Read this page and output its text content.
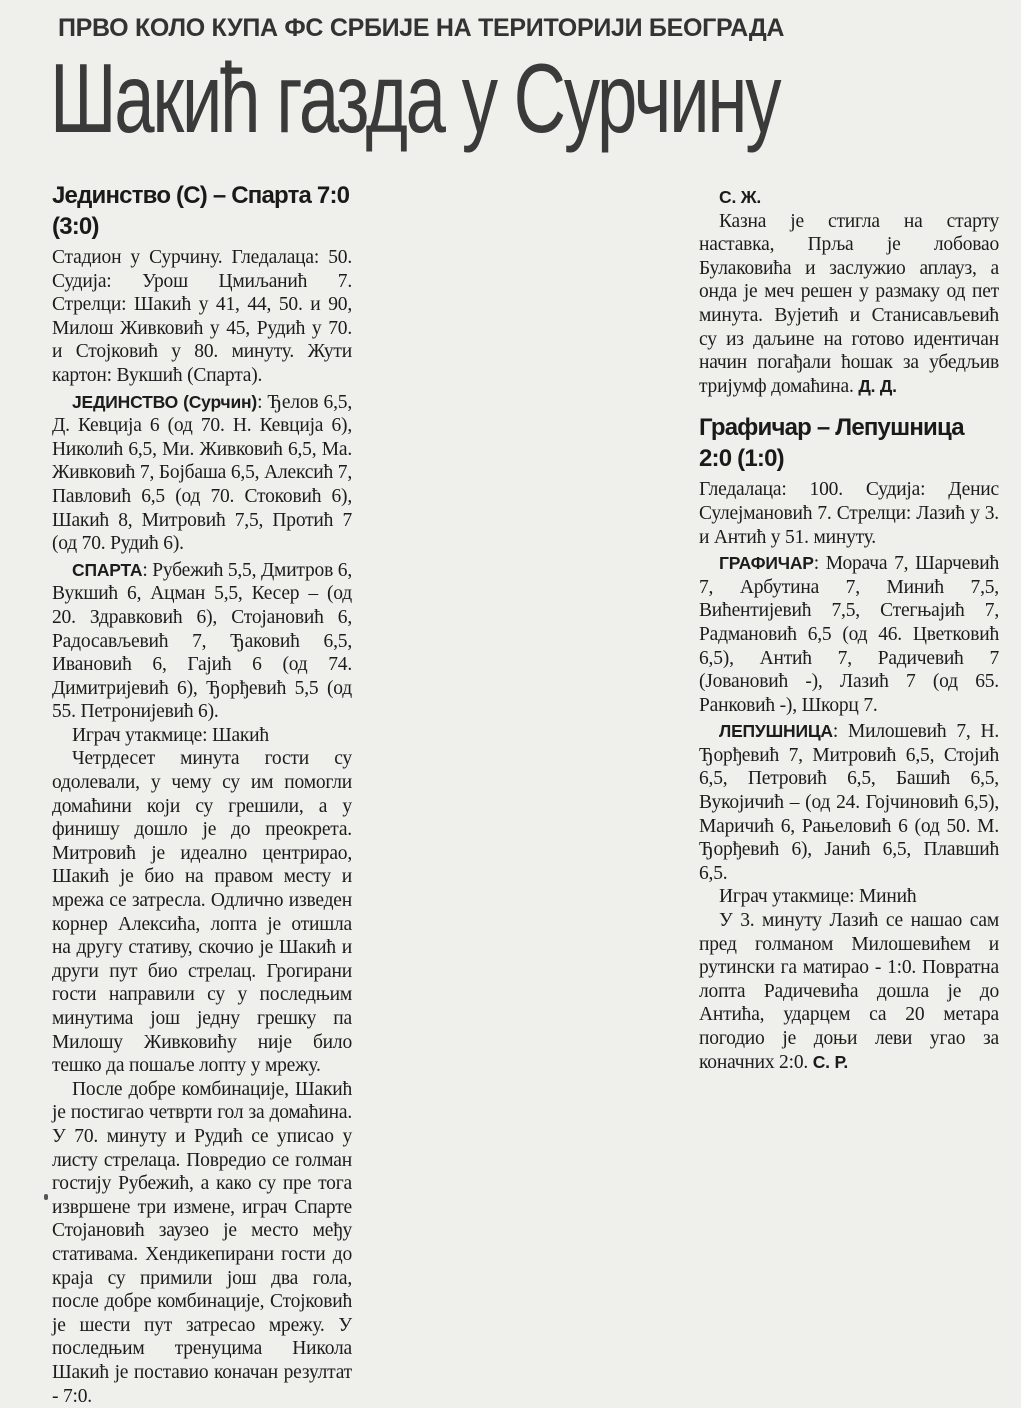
ПРВО КОЛО КУПА ФС СРБИЈЕ НА ТЕРИТОРИЈИ БЕОГРАДА
Шакић газда у Сурчину
Јединство (С) – Спарта 7:0 (3:0)

Стадион у Сурчину. Гледалаца: 50. Судија: Урош Цмиљанић 7. Стрелци: Шакић у 41, 44, 50. и 90, Милош Живковић у 45, Рудић у 70. и Стојковић у 80. минуту. Жути картон: Вукшић (Спарта).

ЈЕДИНСТВО (Сурчин): Ђелов 6,5, Д. Кевција 6 (од 70. Н. Кевција 6), Николић 6,5, Ми. Живковић 6,5, Ма. Живковић 7, Бојбаша 6,5, Алексић 7, Павловић 6,5 (од 70. Стоковић 6), Шакић 8, Митровић 7,5, Протић 7 (од 70. Рудић 6).

СПАРТА: Рубежић 5,5, Дмитров 6, Вукшић 6, Ацман 5,5, Кесер – (од 20. Здравковић 6), Стојановић 6, Радосављевић 7, Ђаковић 6,5, Ивановић 6, Гајић 6 (од 74. Димитријевић 6), Ђорђевић 5,5 (од 55. Петронијевић 6).

Играч утакмице: Шакић

Четрдесет минута гости су одолевали, у чему су им помогли домаћини који су грешили, а у финишу дошло је до преокрета. Митровић је идеално центрирао, Шакић је био на правом месту и мрежа се затресла. Одлично изведен корнер Алексића, лопта је отишла на другу стативу, скочио је Шакић и други пут био стрелац. Грогирани гости направили су у последњим минутима још једну грешку па Милошу Живковићу није било тешко да пошаље лопту у мрежу.

После добре комбинације, Шакић је постигао четврти гол за домаћина. У 70. минуту и Рудић се уписао у листу стрелаца. Повредио се голман гостију Рубежић, а како су пре тога извршене три измене, играч Спарте Стојановић заузео је место међу стативама. Хендикепирани гости до краја су примили још два гола, после добре комбинације, Стојковић је шести пут затресао мрежу. У последњим тренуцима Никола Шакић је поставио коначан резултат - 7:0.

С. Ж.

Казна је стигла на старту наставка, Прља је лобовао Булаковића и заслужио аплауз, а онда је меч решен у размаку од пет минута. Вујетић и Станисављевић су из даљине на готово идентичан начин погађали ћошак за убедљив тријумф домаћина. Д. Д.

Графичар – Лепушница 2:0 (1:0)

Гледалаца: 100. Судија: Денис Сулејмановић 7. Стрелци: Лазић у 3. и Антић у 51. минуту.

ГРАФИЧАР: Морача 7, Шарчевић 7, Арбутина 7, Минић 7,5, Вићентијевић 7,5, Стегњајић 7, Радмановић 6,5 (од 46. Цветковић 6,5), Антић 7, Радичевић 7 (Јовановић -), Лазић 7 (од 65. Ранковић -), Шкорц 7.

ЛЕПУШНИЦА: Милошевић 7, Н. Ђорђевић 7, Митровић 6,5, Стојић 6,5, Петровић 6,5, Башић 6,5, Вукојичић – (од 24. Гојчиновић 6,5), Маричић 6, Рањеловић 6 (од 50. М. Ђорђевић 6), Јанић 6,5, Плавшић 6,5.

Играч утакмице: Минић

У 3. минуту Лазић се нашао сам пред голманом Милошевићем и рутински га матирао - 1:0. Повратна лопта Радичевића дошла је до Антића, ударцем са 20 метара погодио је доњи леви угао за коначних 2:0. С. Р.
